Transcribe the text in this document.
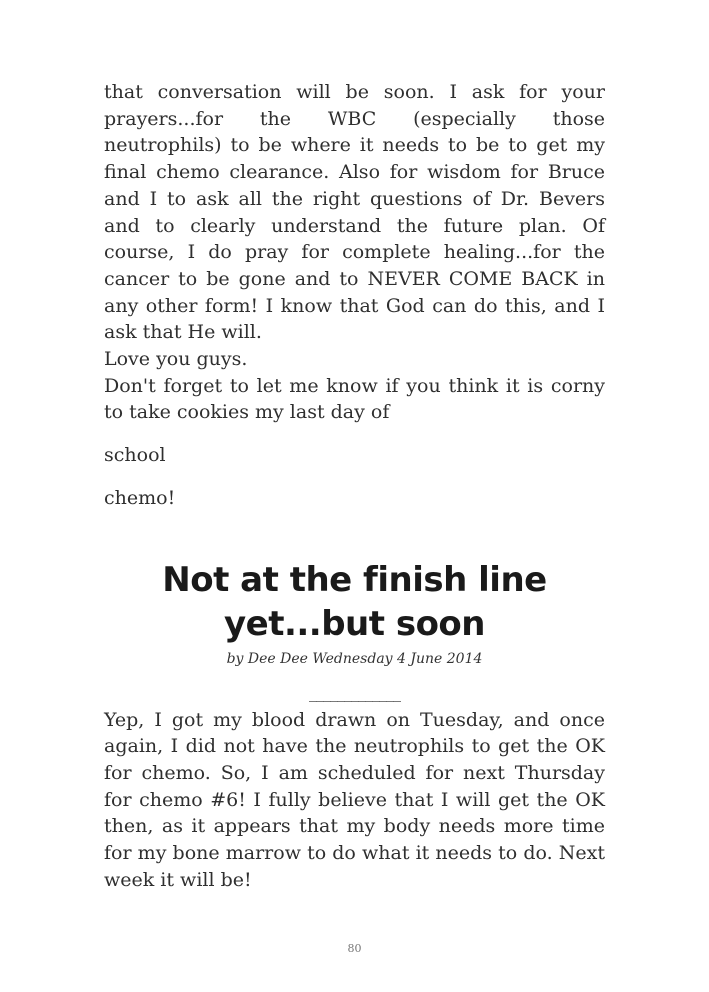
that conversation will be soon. I ask for your prayers...for the WBC (especially those neutrophils) to be where it needs to be to get my final chemo clearance. Also for wisdom for Bruce and I to ask all the right questions of Dr. Bevers and to clearly understand the future plan. Of course, I do pray for complete healing...for the cancer to be gone and to NEVER COME BACK in any other form! I know that God can do this, and I ask that He will.

Love you guys.

Don't forget to let me know if you think it is corny to take cookies my last day of

school

chemo!

Not at the finish line yet...but soon

by Dee Dee Wednesday 4 June 2014

_____________

Yep, I got my blood drawn on Tuesday, and once again, I did not have the neutrophils to get the OK for chemo. So, I am scheduled for next Thursday for chemo #6! I fully believe that I will get the OK then, as it appears that my body needs more time for my bone marrow to do what it needs to do. Next week it will be!

80
